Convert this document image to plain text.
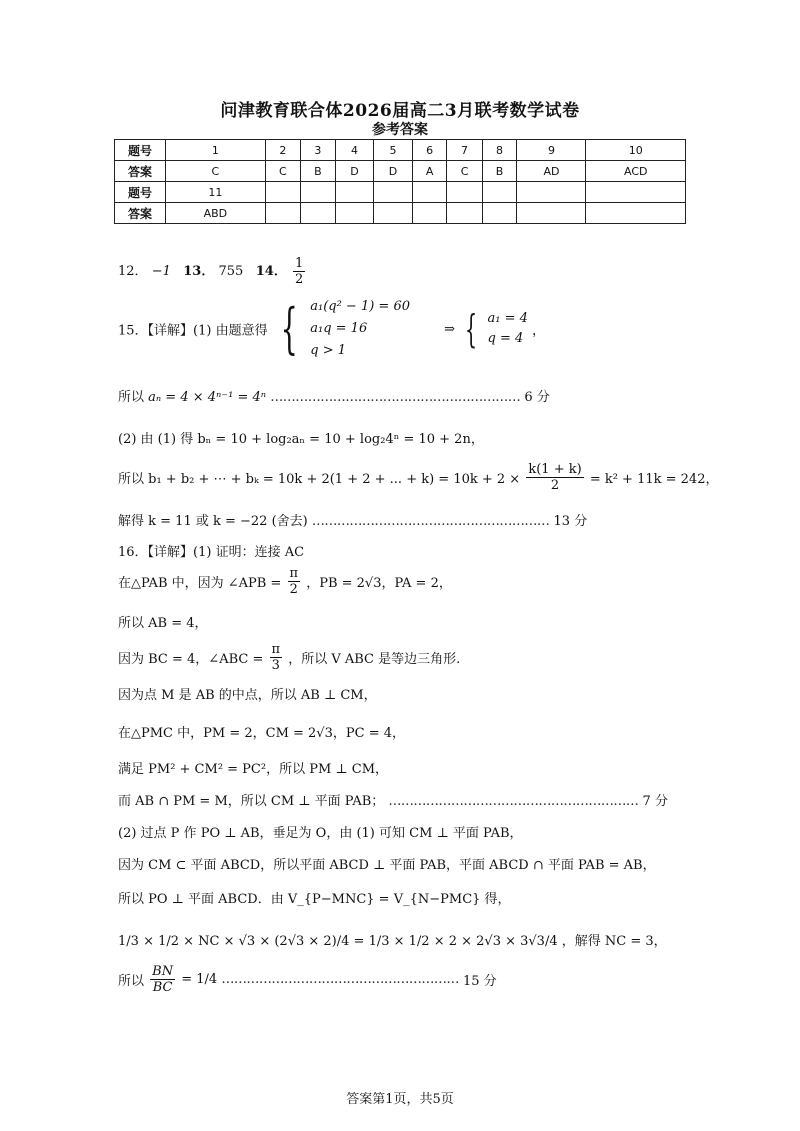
问津教育联合体2026届高二3月联考数学试卷
参考答案
题号	1	2	3	4	5	6	7	8	9	10
答案	C	C	B	D	D	A	C	B	AD	ACD
题号	11									
答案	ABD									
12． −1 13． 755 14． $\frac{1}{2}$
15．【详解】(1) 由题意得 { a₁(q² − 1) = 60
a₁q = 16
q > 1
⇒ { a₁ = 4
q = 4 ，
所以 aₙ = 4 × 4ⁿ⁻¹ = 4ⁿ …………………………………………………… 6 分
(2) 由 (1) 得 bₙ = 10 + log₂aₙ = 10 + log₂4ⁿ = 10 + 2n，
所以 b₁ + b₂ + ⋯ + bₖ = 10k + 2(1 + 2 + ... + $k) = 10k + 2 \times \frac{k(1 + k)}{2} = k^2 + 11k = 242$，
解得 k = 11 或 k = −22 (舍去) ………………………………………………… 13 分
16．【详解】(1) 证明：连接 AC
在△PAB 中，因为 ∠APB = $\frac{\pi}{2}$ ，PB = 2√3，PA = 2，
所以 AB = 4，
因为 BC = 4，∠ABC = $\frac{\pi}{3}$ ，所以 V ABC 是等边三角形.
因为点 M 是 AB 的中点，所以 AB ⊥ CM，
在△PMC 中，PM = 2，CM = 2√3，PC = 4，
满足 PM² + CM² = PC²，所以 PM ⊥ CM，
而 AB ∩ PM = M，所以 CM ⊥ 平面 PAB； …………………………………………………… 7 分
(2) 过点 P 作 PO ⊥ AB，垂足为 O，由 (1) 可知 CM ⊥ 平面 PAB，
因为 CM ⊂ 平面 ABCD，所以平面 ABCD ⊥ 平面 PAB，平面 ABCD ∩ 平面 PAB = AB，
所以 PO ⊥ 平面 ABCD．由 V_{P−MNC} = V_{N−PMC} 得，
1/3 × 1/2 × NC × √3 × (2√3 × 2)/4 = 1/3 × 1/2 × 2 × 2√3 × 3√3/4 ，解得 NC = 3，
所以 $\frac{BN}{BC} = 1/4$ ………………………………………………… 15 分
答案第1页，共5页
